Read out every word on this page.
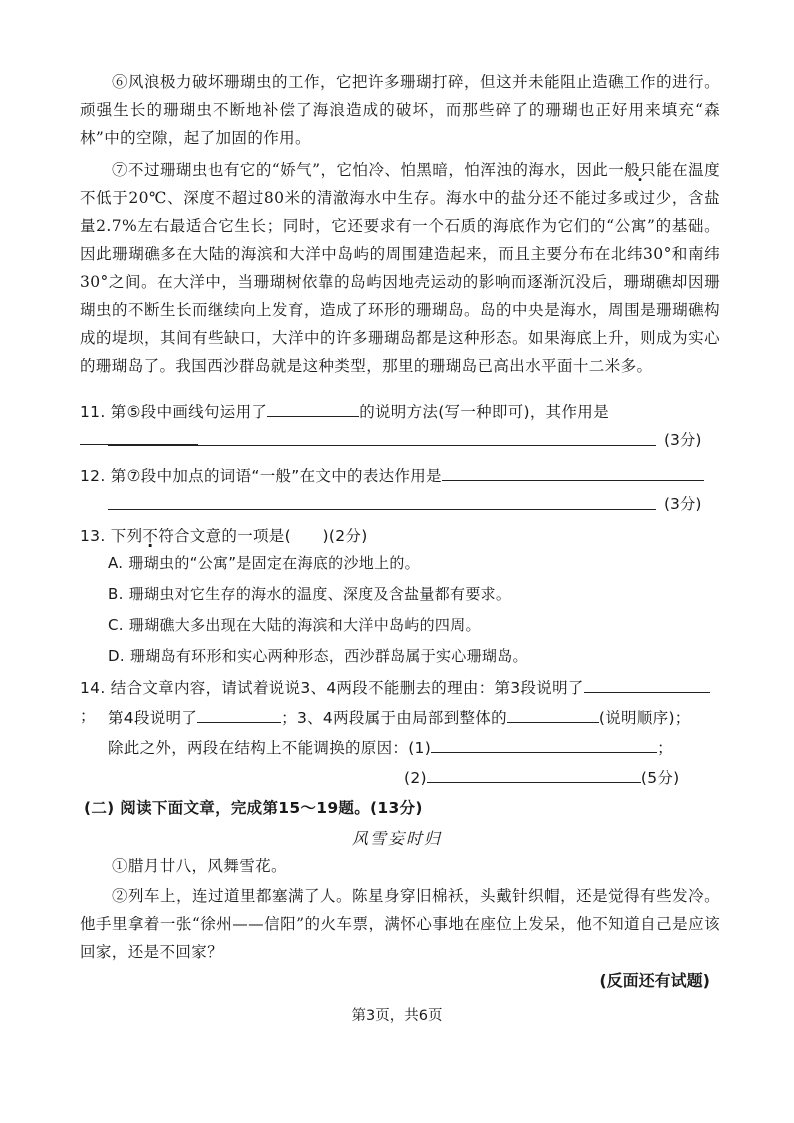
⑥风浪极力破坏珊瑚虫的工作，它把许多珊瑚打碎，但这并未能阻止造礁工作的进行。顽强生长的珊瑚虫不断地补偿了海浪造成的破坏，而那些碎了的珊瑚也正好用来填充“森林”中的空隙，起了加固的作用。
⑦不过珊瑚虫也有它的“娇气”，它怕冷、怕黑暗，怕浑浊的海水，因此一般只能在温度不低于20℃、深度不超过80米的清澈海水中生存。海水中的盐分还不能过多或过少，含盐量2.7%左右最适合它生长；同时，它还要求有一个石质的海底作为它们的“公寓”的基础。因此珊瑚礁多在大陆的海滨和大洋中岛屿的周围建造起来，而且主要分布在北纬30°和南纬30°之间。在大洋中，当珊瑚树依靠的岛屿因地壳运动的影响而逐渐沉没后，珊瑚礁却因珊瑚虫的不断生长而继续向上发育，造成了环形的珊瑚岛。岛的中央是海水，周围是珊瑚礁构成的堤坝，其间有些缺口，大洋中的许多珊瑚岛都是这种形态。如果海底上升，则成为实心的珊瑚岛了。我国西沙群岛就是这种类型，那里的珊瑚岛已高出水平面十二米多。
11. 第⑤段中画线句运用了	的说明方法(写一种即可)，其作用是
(3分)
12. 第⑦段中加点的词语“一般”在文中的表达作用是
(3分)
13. 下列不符合文意的一项是(　　)(2分)
A. 珊瑚虫的“公寓”是固定在海底的沙地上的。
B. 珊瑚虫对它生存的海水的温度、深度及含盐量都有要求。
C. 珊瑚礁大多出现在大陆的海滨和大洋中岛屿的四周。
D. 珊瑚岛有环形和实心两种形态，西沙群岛属于实心珊瑚岛。
14. 结合文章内容，请试着说说3、4两段不能删去的理由：第3段说明了； 第4段说明了	；3、4两段属于由局部到整体的	(说明顺序)；
除此之外，两段在结构上不能调换的原因：(1)	；
(2)	(5分)
(二) 阅读下面文章，完成第15～19题。(13分)
风雪妄时归
①腊月廿八，风舞雪花。
②列车上，连过道里都塞满了人。陈星身穿旧棉袄，头戴针织帽，还是觉得有些发冷。他手里拿着一张“徐州——信阳”的火车票，满怀心事地在座位上发呆，他不知道自己是应该回家，还是不回家？
(反面还有试题)
第3页，共6页
